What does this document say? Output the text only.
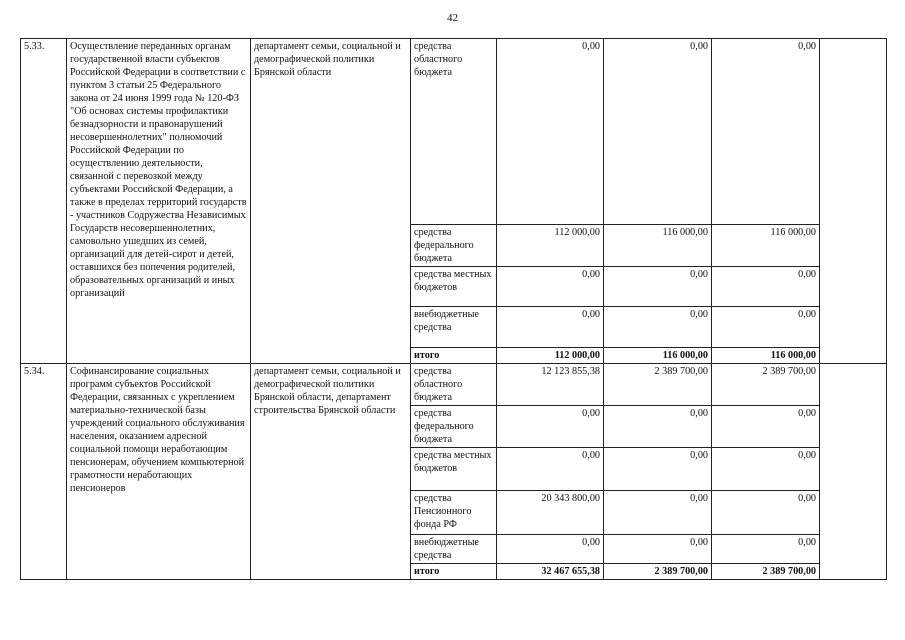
42
5.33.	Осуществление переданных органам государственной власти субъектов Российской Федерации в соответствии с пунктом 3 статьи 25 Федерального закона от 24 июня 1999 года № 120-ФЗ "Об основах системы профилактики безнадзорности и правонарушений несовершеннолетних" полномочий Российской Федерации по осуществлению деятельности, связанной с перевозкой между субъектами Российской Федерации, а также в пределах территорий государств - участников Содружества Независимых Государств несовершеннолетних, самовольно ушедших из семей, организаций для детей-сирот и детей, оставшихся без попечения родителей, образовательных организаций и иных организаций	департамент семьи, социальной и демографической политики Брянской области	средства областного бюджета	0,00	0,00	0,00	
			средства федерального бюджета	112 000,00	116 000,00	116 000,00	
			средства местных бюджетов	0,00	0,00	0,00	
			внебюджетные средства	0,00	0,00	0,00	
			итого	112 000,00	116 000,00	116 000,00	
5.34.	Софинансирование социальных программ субъектов Российской Федерации, связанных с укреплением материально-технической базы учреждений социального обслуживания населения, оказанием адресной социальной помощи неработающим пенсионерам, обучением компьютерной грамотности неработающих пенсионеров	департамент семьи, социальной и демографической политики Брянской области, департамент строительства Брянской области	средства областного бюджета	12 123 855,38	2 389 700,00	2 389 700,00	
			средства федерального бюджета	0,00	0,00	0,00	
			средства местных бюджетов	0,00	0,00	0,00	
			средства Пенсионного фонда РФ	20 343 800,00	0,00	0,00	
			внебюджетные средства	0,00	0,00	0,00	
			итого	32 467 655,38	2 389 700,00	2 389 700,00	
